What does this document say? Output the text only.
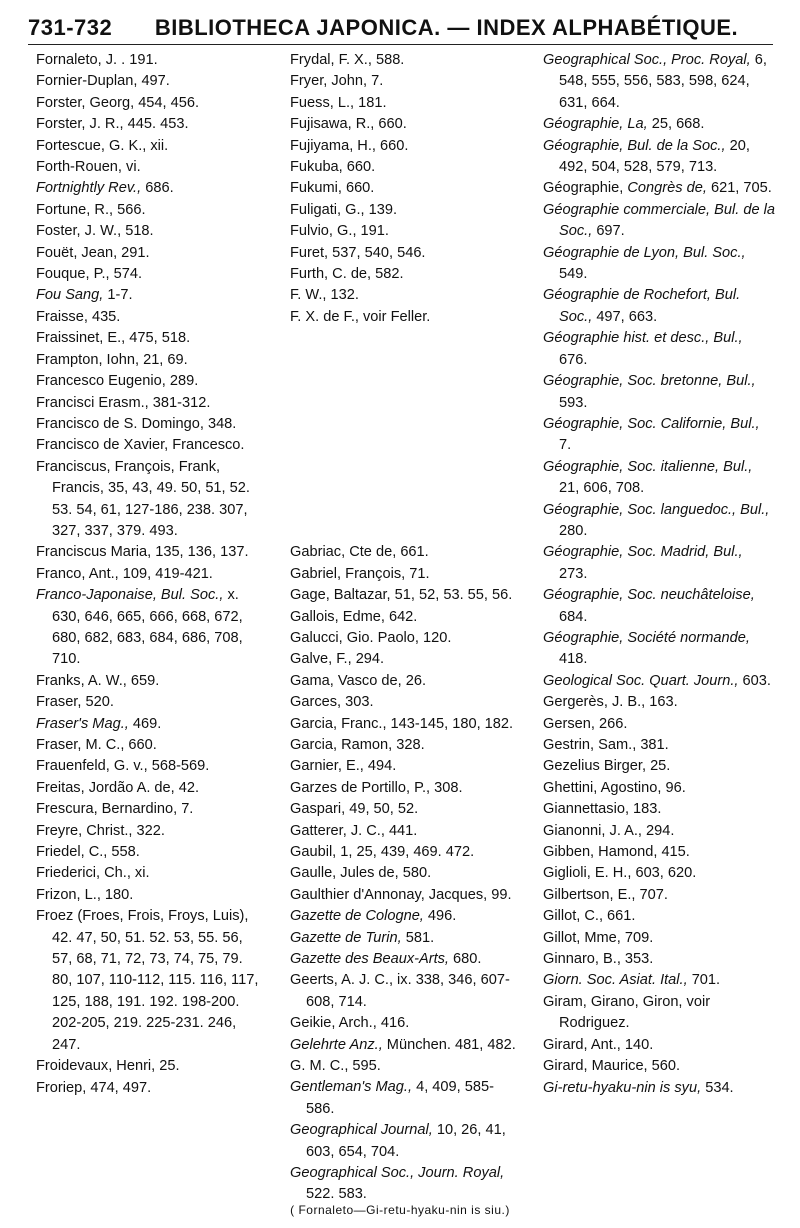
731-732	BIBLIOTHECA JAPONICA. — INDEX ALPHABÉTIQUE.
Fornaleto, J. . 191.
Fornier-Duplan, 497.
Forster, Georg, 454, 456.
Forster, J. R., 445. 453.
Fortescue, G. K., xii.
Forth-Rouen, vi.
Fortnightly Rev., 686.
Fortune, R., 566.
Foster, J. W., 518.
Fouët, Jean, 291.
Fouque, P., 574.
Fou Sang, 1-7.
Fraisse, 435.
Fraissinet, E., 475, 518.
Frampton, Iohn, 21, 69.
Francesco Eugenio, 289.
Francisci Erasm., 381-312.
Francisco de S. Domingo, 348.
Francisco de Xavier, Francesco.
Franciscus, François, Frank, Francis, 35, 43, 49. 50, 51, 52. 53. 54, 61, 127-186, 238. 307, 327, 337, 379. 493.
Franciscus Maria, 135, 136, 137.
Franco, Ant., 109, 419-421.
Franco-Japonaise, Bul. Soc., x. 630, 646, 665, 666, 668, 672, 680, 682, 683, 684, 686, 708, 710.
Franks, A. W., 659.
Fraser, 520.
Fraser's Mag., 469.
Fraser, M. C., 660.
Frauenfeld, G. v., 568-569.
Freitas, Jordão A. de, 42.
Frescura, Bernardino, 7.
Freyre, Christ., 322.
Friedel, C., 558.
Friederici, Ch., xi.
Frizon, L., 180.
Froez (Froes, Frois, Froys, Luis), 42. 47, 50, 51. 52. 53, 55. 56, 57, 68, 71, 72, 73, 74, 75, 79. 80, 107, 110-112, 115. 116, 117, 125, 188, 191. 192. 198-200. 202-205, 219. 225-231. 246, 247.
Froidevaux, Henri, 25.
Froriep, 474, 497.
Frydal, F. X., 588.
Fryer, John, 7.
Fuess, L., 181.
Fujisawa, R., 660.
Fujiyama, H., 660.
Fukuba, 660.
Fukumi, 660.
Fuligati, G., 139.
Fulvio, G., 191.
Furet, 537, 540, 546.
Furth, C. de, 582.
F. W., 132.
F. X. de F., voir Feller.
Gabriac, Cte de, 661.
Gabriel, François, 71.
Gage, Baltazar, 51, 52, 53. 55, 56.
Gallois, Edme, 642.
Galucci, Gio. Paolo, 120.
Galve, F., 294.
Gama, Vasco de, 26.
Garces, 303.
Garcia, Franc., 143-145, 180, 182.
Garcia, Ramon, 328.
Garnier, E., 494.
Garzes de Portillo, P., 308.
Gaspari, 49, 50, 52.
Gatterer, J. C., 441.
Gaubil, 1, 25, 439, 469. 472.
Gaulle, Jules de, 580.
Gaulthier d'Annonay, Jacques, 99.
Gazette de Cologne, 496.
Gazette de Turin, 581.
Gazette des Beaux-Arts, 680.
Geerts, A. J. C., ix. 338, 346, 607-608, 714.
Geikie, Arch., 416.
Gelehrte Anz., München. 481, 482.
G. M. C., 595.
Gentleman's Mag., 4, 409, 585-586.
Geographical Journal, 10, 26, 41, 603, 654, 704.
Geographical Soc., Journ. Royal, 522. 583.
Geographical Soc., Proc. Royal, 6, 548, 555, 556, 583, 598, 624, 631, 664.
Géographie, La, 25, 668.
Géographie, Bul. de la Soc., 20, 492, 504, 528, 579, 713.
Géographie, Congrès de, 621, 705.
Géographie commerciale, Bul. de la Soc., 697.
Géographie de Lyon, Bul. Soc., 549.
Géographie de Rochefort, Bul. Soc., 497, 663.
Géographie hist. et desc., Bul., 676.
Géographie, Soc. bretonne, Bul., 593.
Géographie, Soc. Californie, Bul., 7.
Géographie, Soc. italienne, Bul., 21, 606, 708.
Géographie, Soc. languedoc., Bul., 280.
Géographie, Soc. Madrid, Bul., 273.
Géographie, Soc. neuchâteloise, 684.
Géographie, Société normande, 418.
Geological Soc. Quart. Journ., 603.
Gergerès, J. B., 163.
Gersen, 266.
Gestrin, Sam., 381.
Gezelius Birger, 25.
Ghettini, Agostino, 96.
Giannettasio, 183.
Gianonni, J. A., 294.
Gibben, Hamond, 415.
Giglioli, E. H., 603, 620.
Gilbertson, E., 707.
Gillot, C., 661.
Gillot, Mme, 709.
Ginnaro, B., 353.
Giorn. Soc. Asiat. Ital., 701.
Giram, Girano, Giron, voir Rodriguez.
Girard, Ant., 140.
Girard, Maurice, 560.
Gi-retu-hyaku-nin is syu, 534.
( Fornaleto—Gi-retu-hyaku-nin is siu.)
